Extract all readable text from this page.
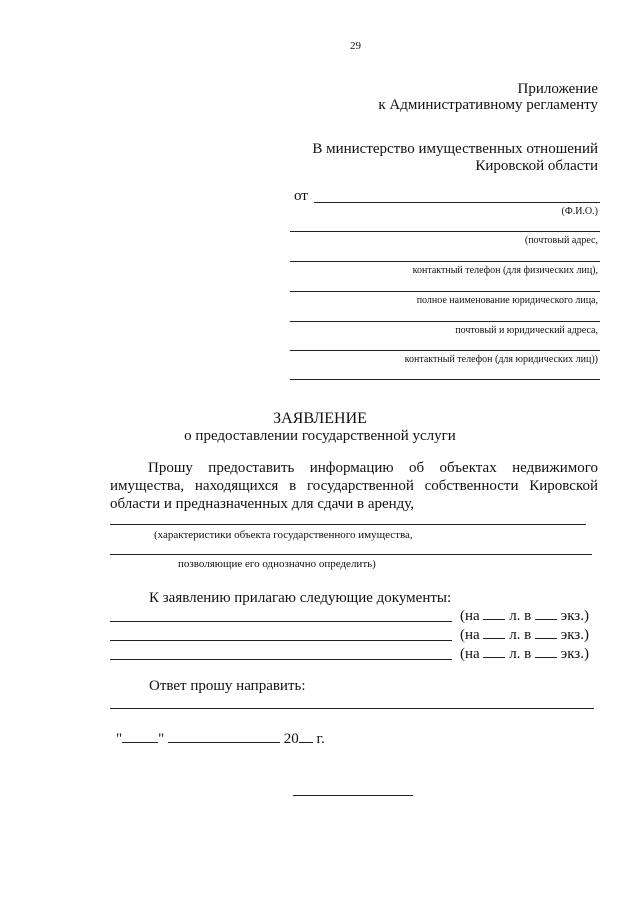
29
Приложение
к Административному регламенту
В министерство имущественных отношений
Кировской области
от
(Ф.И.О.)
(почтовый адрес,
контактный телефон (для физических лиц),
полное наименование юридического лица,
почтовый и юридический адреса,
контактный телефон (для юридических лиц))
ЗАЯВЛЕНИЕ
о предоставлении государственной услуги
Прошу предоставить информацию об объектах недвижимого
имущества, находящихся в государственной собственности Кировской
области и предназначенных для сдачи в аренду,
(характеристики объекта государственного имущества,
позволяющие его однозначно определить)
К заявлению прилагаю следующие документы:
(на л. в экз.)
(на л. в экз.)
(на л. в экз.)
Ответ прошу направить:
" "	20 г.
